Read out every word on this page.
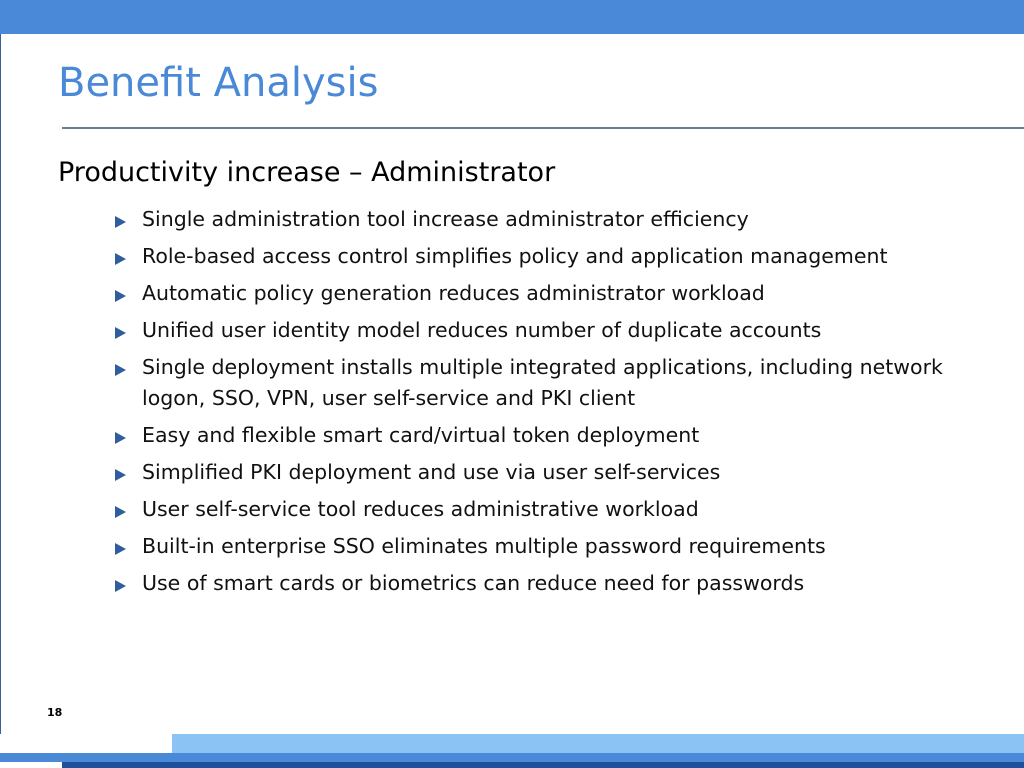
Benefit Analysis
Productivity increase – Administrator
Single administration tool increase administrator efficiency
Role-based access control simplifies policy and application management
Automatic policy generation reduces administrator workload
Unified user identity model reduces number of duplicate accounts
Single deployment installs multiple integrated applications, including network logon, SSO, VPN, user self-service and PKI client
Easy and flexible smart card/virtual token deployment
Simplified PKI deployment and use via user self-services
User self-service tool reduces administrative workload
Built-in enterprise SSO eliminates multiple password requirements
Use of smart cards or biometrics can reduce need for passwords
18
